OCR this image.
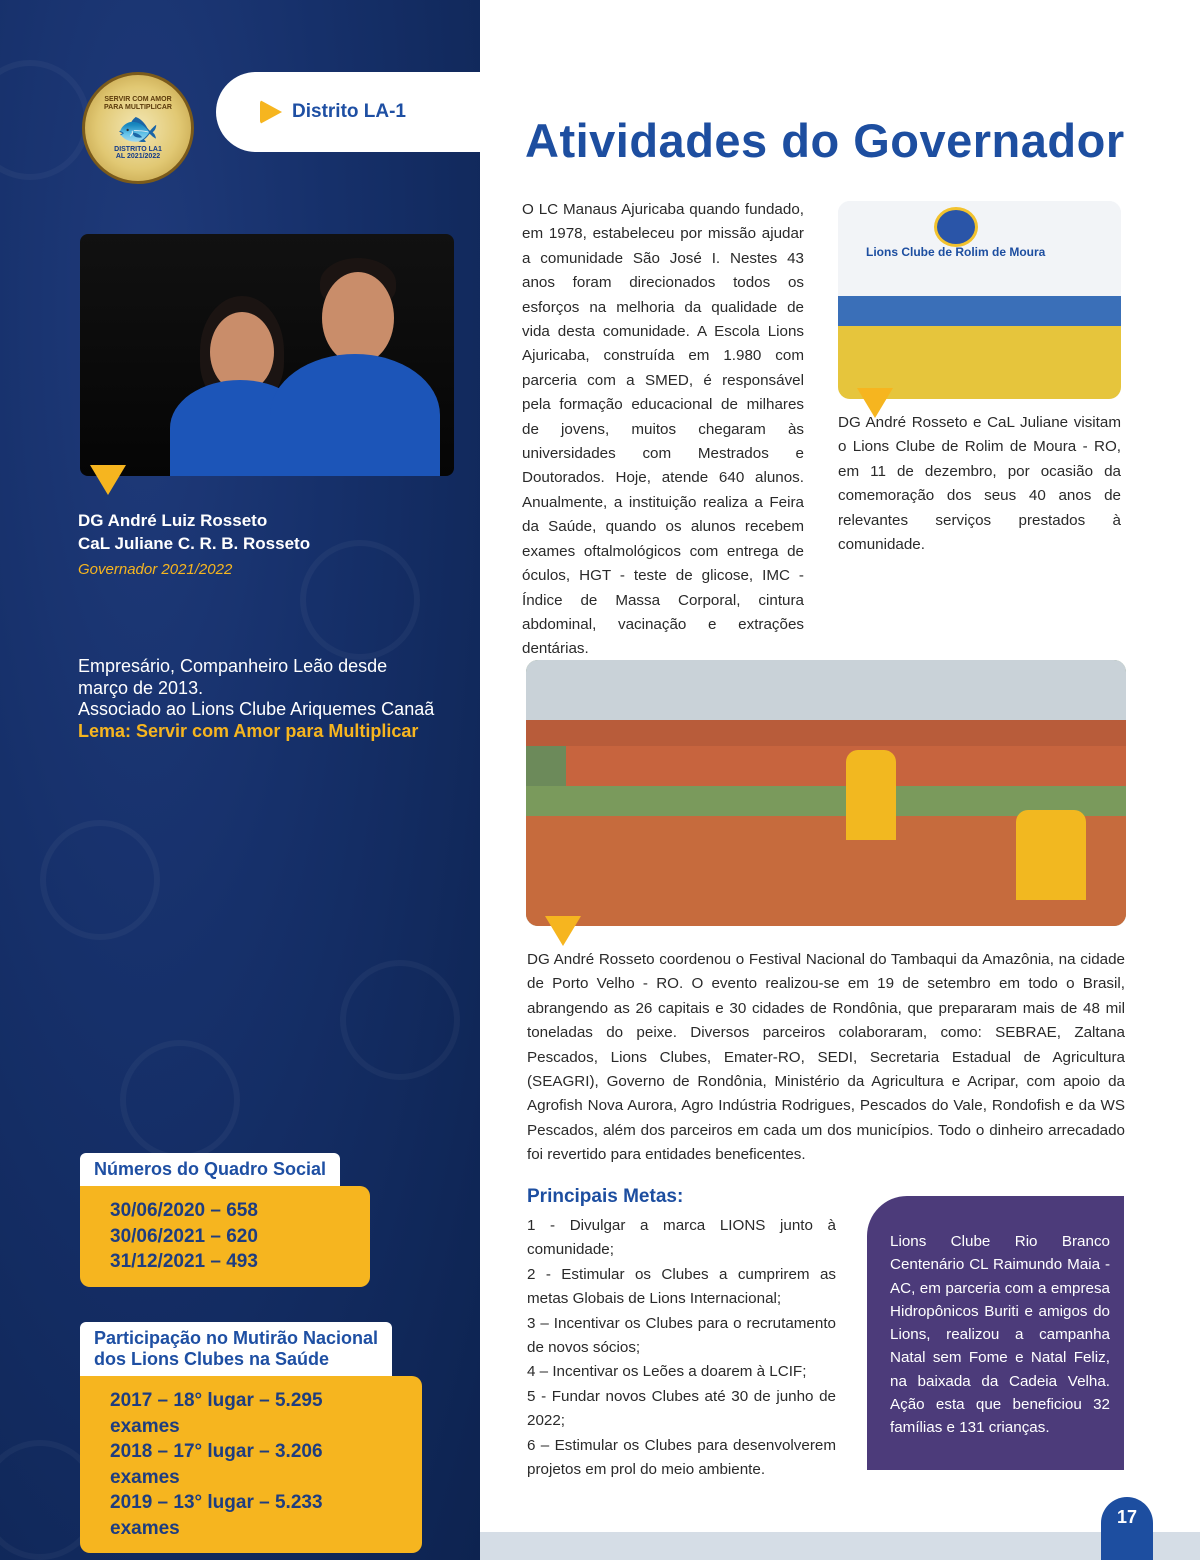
SERVIR COM AMOR PARA MULTIPLICAR
🐟
DISTRITO LA1
AL 2021/2022
Distrito LA-1
DG André Luiz Rosseto
CaL Juliane C. R. B. Rosseto
Governador 2021/2022
Empresário, Companheiro Leão desde março de 2013.
Associado ao Lions Clube Ariquemes Canaã
Lema: Servir com Amor para Multiplicar
Números do Quadro Social
30/06/2020 – 658
30/06/2021 – 620
31/12/2021 – 493
Participação no Mutirão Nacional
dos Lions Clubes na Saúde
2017 – 18° lugar – 5.295 exames
2018 – 17° lugar – 3.206 exames
2019 – 13° lugar – 5.233 exames
Atividades do Governador
O LC Manaus Ajuricaba quando fundado, em 1978, estabeleceu por missão ajudar a comunidade São José I. Nestes 43 anos foram direcionados todos os esforços na melhoria da qualidade de vida desta comunidade. A Escola Lions Ajuricaba, construída em 1.980 com parceria com a SMED, é responsável pela formação educacional de milhares de jovens, muitos chegaram às universidades com Mestrados e Doutorados. Hoje, atende 640 alunos. Anualmente, a instituição realiza a Feira da Saúde, quando os alunos recebem exames oftalmológicos com entrega de óculos, HGT - teste de glicose, IMC - Índice de Massa Corporal, cintura abdominal, vacinação e extrações dentárias.
Lions Clube de Rolim de Moura
DG André Rosseto e CaL Juliane visitam o Lions Clube de Rolim de Moura - RO, em 11 de dezembro, por ocasião da comemoração dos seus 40 anos de relevantes serviços prestados à comunidade.
DG André Rosseto coordenou o Festival Nacional do Tambaqui da Amazônia, na cidade de Porto Velho - RO. O evento realizou-se em 19 de setembro em todo o Brasil, abrangendo as 26 capitais e 30 cidades de Rondônia, que prepararam mais de 48 mil toneladas do peixe. Diversos parceiros colaboraram, como: SEBRAE, Zaltana Pescados, Lions Clubes, Emater-RO, SEDI, Secretaria Estadual de Agricultura (SEAGRI), Governo de Rondônia, Ministério da Agricultura e Acripar, com apoio da Agrofish Nova Aurora, Agro Indústria Rodrigues, Pescados do Vale, Rondofish e da WS Pescados, além dos parceiros em cada um dos municípios. Todo o dinheiro arrecadado foi revertido para entidades beneficentes.
Principais Metas:
1 - Divulgar a marca LIONS junto à comunidade;
2 - Estimular os Clubes a cumprirem as metas Globais de Lions Internacional;
3 – Incentivar os Clubes para o recrutamento de novos sócios;
4 – Incentivar os Leões a doarem à LCIF;
5 - Fundar novos Clubes até 30 de junho de 2022;
6 – Estimular os Clubes para desenvolverem projetos em prol do meio ambiente.
Lions Clube Rio Branco Centenário CL Raimundo Maia - AC, em parceria com a empresa Hidropônicos Buriti e amigos do Lions, realizou a campanha Natal sem Fome e Natal Feliz, na baixada da Cadeia Velha. Ação esta que beneficiou 32 famílias e 131 crianças.
17
